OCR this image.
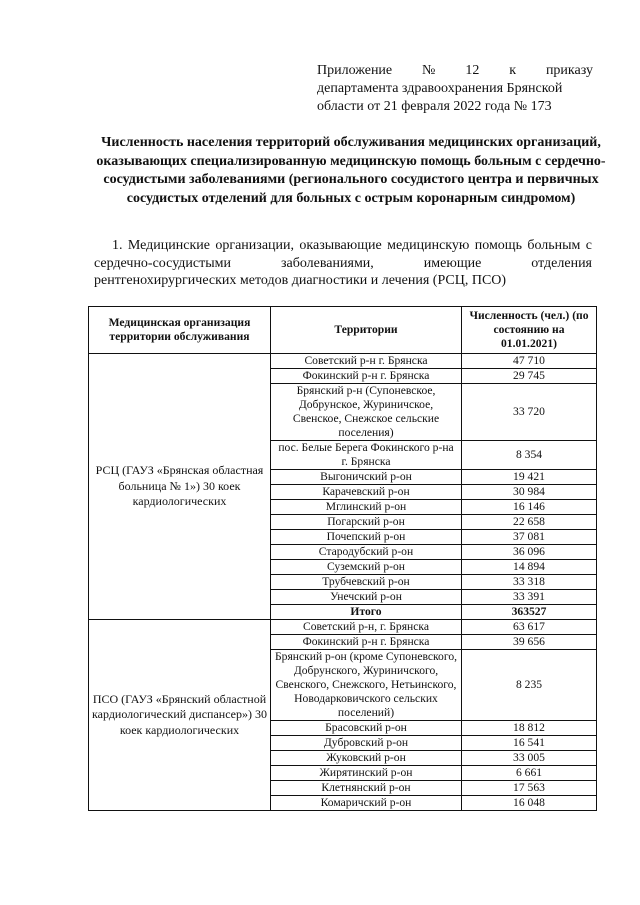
Приложение № 12 к приказу
департамента здравоохранения Брянской
области от 21 февраля 2022 года № 173
Численность населения территорий обслуживания медицинских организаций, оказывающих специализированную медицинскую помощь больным с сердечно-сосудистыми заболеваниями (регионального сосудистого центра и первичных сосудистых отделений для больных с острым коронарным синдромом)
1. Медицинские организации, оказывающие медицинскую помощь больным с сердечно-сосудистыми заболеваниями, имеющие отделения рентгенохирургических методов диагностики и лечения (РСЦ, ПСО)
Медицинская организация территории обслуживания	Территории	Численность (чел.) (по состоянию на 01.01.2021)
РСЦ (ГАУЗ «Брянская областная больница № 1») 30 коек кардиологических	Советский р-н г. Брянска	47 710
	Фокинский р-н г. Брянска	29 745
	Брянский р-н (Супоневское, Добрунское, Журиничское, Свенское, Снежское сельские поселения)	33 720
	пос. Белые Берега Фокинского р-на г. Брянска	8 354
	Выгоничский р-он	19 421
	Карачевский р-он	30 984
	Мглинский р-он	16 146
	Погарский р-он	22 658
	Почепский р-он	37 081
	Стародубский р-он	36 096
	Суземский р-он	14 894
	Трубчевский р-он	33 318
	Унечский р-он	33 391
	Итого	363527
ПСО (ГАУЗ «Брянский областной кардиологический диспансер») 30 коек кардиологических	Советский р-н, г. Брянска	63 617
	Фокинский р-н г. Брянска	39 656
	Брянский р-он (кроме Супоневского, Добрунского, Журиничского, Свенского, Снежского, Нетьинского, Новодарковичского сельских поселений)	8 235
	Брасовский р-он	18 812
	Дубровский р-он	16 541
	Жуковский р-он	33 005
	Жирятинский р-он	6 661
	Клетнянский р-он	17 563
	Комаричский р-он	16 048
